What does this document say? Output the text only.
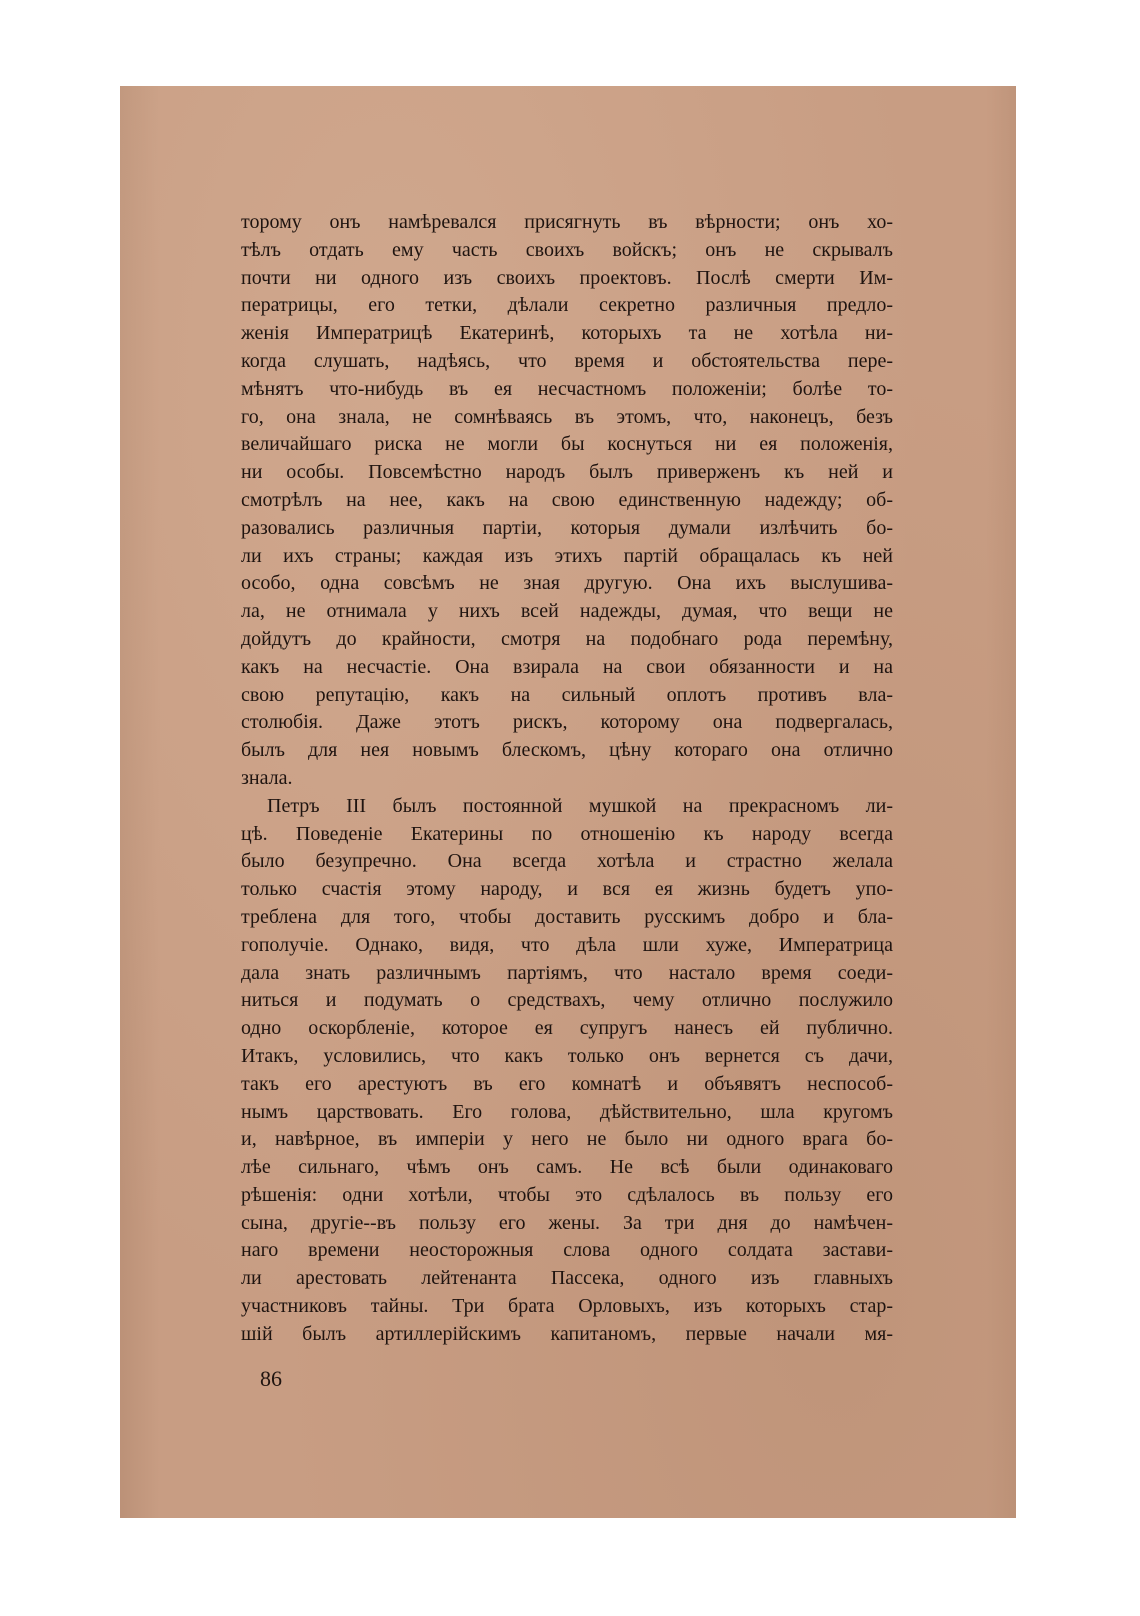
торому онъ намѣревался присягнуть въ вѣрности; онъ хо-
тѣлъ отдать ему часть своихъ войскъ; онъ не скрывалъ
почти ни одного изъ своихъ проектовъ. Послѣ смерти Им-
ператрицы, его тетки, дѣлали секретно различныя предло-
женія Императрицѣ Екатеринѣ, которыхъ та не хотѣла ни-
когда слушать, надѣясь, что время и обстоятельства пере-
мѣнятъ что-нибудь въ ея несчастномъ положеніи; болѣе то-
го, она знала, не сомнѣваясь въ этомъ, что, наконецъ, безъ
величайшаго риска не могли бы коснуться ни ея положенія,
ни особы. Повсемѣстно народъ былъ привержeнъ къ ней и
смотрѣлъ на нее, какъ на свою единственную надежду; об-
разовались различныя партіи, которыя думали излѣчить бо-
ли ихъ страны; каждая изъ этихъ партій обращалась къ ней
особо, одна совсѣмъ не зная другую. Она ихъ выслушива-
ла, не отнимала у нихъ всей надежды, думая, что вещи не
дойдутъ до крайности, смотря на подобнаго рода перемѣну,
какъ на несчастіе. Она взирала на свои обязанности и на
свою репутацію, какъ на сильный оплотъ противъ вла-
столюбія. Даже этотъ рискъ, которому она подвергалась,
былъ для нея новымъ блескомъ, цѣну котораго она отлично
знала.
Петръ III былъ постоянной мушкой на прекрасномъ ли-
цѣ. Поведеніе Екатерины по отношенію къ народу всегда
было безупречно. Она всегда хотѣла и страстно желала
только счастія этому народу, и вся ея жизнь будетъ упо-
треблена для того, чтобы доставить русскимъ добро и бла-
гополучіе. Однако, видя, что дѣла шли хуже, Императрица
дала знать различнымъ партіямъ, что настало время соеди-
ниться и подумать о средствахъ, чему отлично послужило
одно оскорбленіе, которое ея супругъ нанесъ ей публично.
Итакъ, условились, что какъ только онъ вернется съ дачи,
такъ его арестуютъ въ его комнатѣ и объявятъ неспособ-
нымъ царствовать. Его голова, дѣйствительно, шла кругомъ
и, навѣрное, въ имперіи у него не было ни одного врага бо-
лѣе сильнаго, чѣмъ онъ самъ. Не всѣ были одинаковаго
рѣшенія: одни хотѣли, чтобы это сдѣлалось въ пользу его
сына, другіе--въ пользу его жены. За три дня до намѣчен-
наго времени неосторожныя слова одного солдата застави-
ли арестовать лейтенанта Пассека, одного изъ главныхъ
участниковъ тайны. Три брата Орловыхъ, изъ которыхъ стар-
шій былъ артиллерійскимъ капитаномъ, первые начали мя-
86
